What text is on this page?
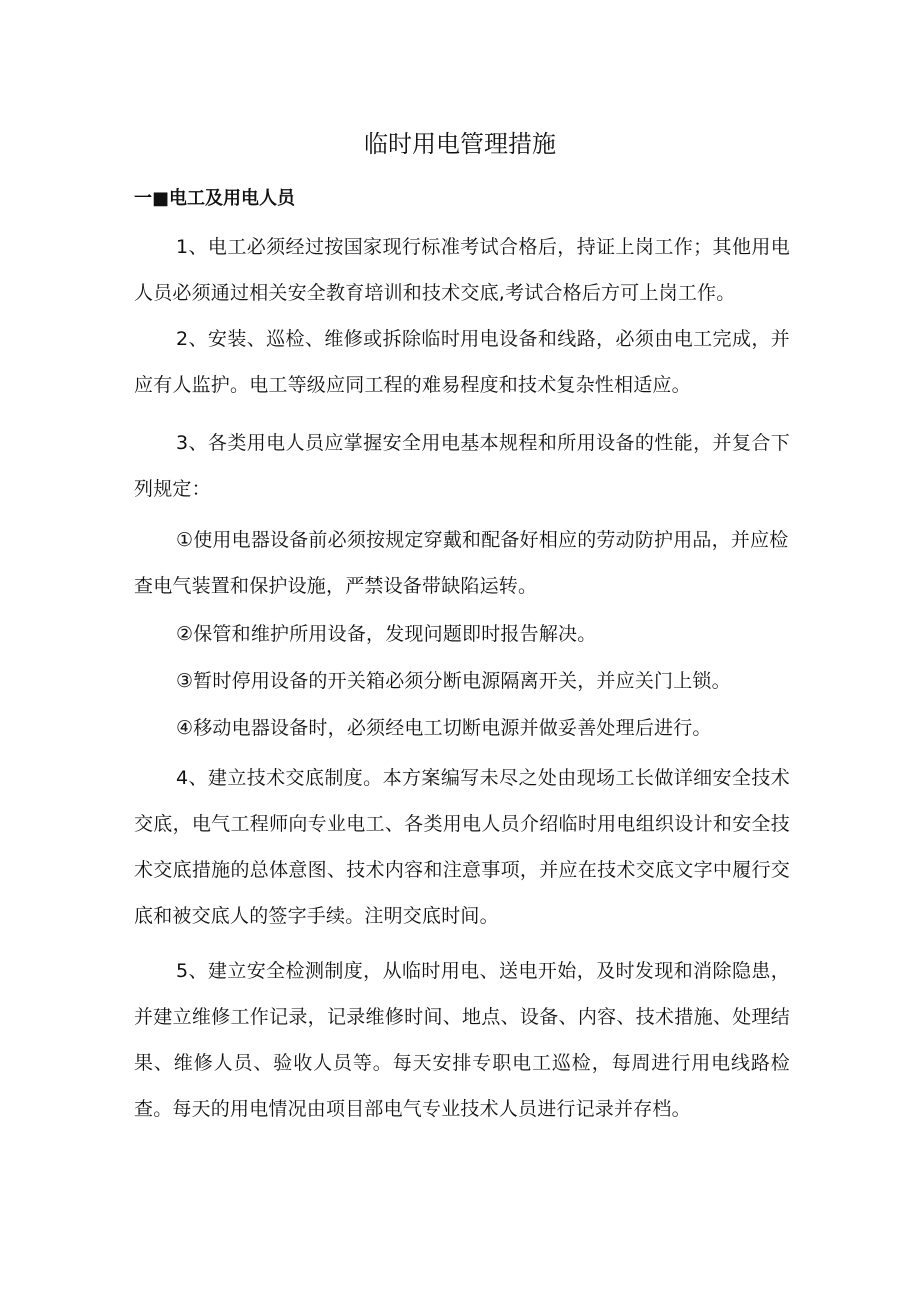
临时用电管理措施
一■电工及用电人员

1、电工必须经过按国家现行标准考试合格后，持证上岗工作；其他用电人员必须通过相关安全教育培训和技术交底,考试合格后方可上岗工作。

2、安装、巡检、维修或拆除临时用电设备和线路，必须由电工完成，并应有人监护。电工等级应同工程的难易程度和技术复杂性相适应。

3、各类用电人员应掌握安全用电基本规程和所用设备的性能，并复合下列规定：

①使用电器设备前必须按规定穿戴和配备好相应的劳动防护用品，并应检查电气装置和保护设施，严禁设备带缺陷运转。

②保管和维护所用设备，发现问题即时报告解决。

③暂时停用设备的开关箱必须分断电源隔离开关，并应关门上锁。

④移动电器设备时，必须经电工切断电源并做妥善处理后进行。

4、建立技术交底制度。本方案编写未尽之处由现场工长做详细安全技术交底，电气工程师向专业电工、各类用电人员介绍临时用电组织设计和安全技术交底措施的总体意图、技术内容和注意事项，并应在技术交底文字中履行交底和被交底人的签字手续。注明交底时间。

5、建立安全检测制度，从临时用电、送电开始，及时发现和消除隐患，并建立维修工作记录，记录维修时间、地点、设备、内容、技术措施、处理结果、维修人员、验收人员等。每天安排专职电工巡检，每周进行用电线路检查。每天的用电情况由项目部电气专业技术人员进行记录并存档。
